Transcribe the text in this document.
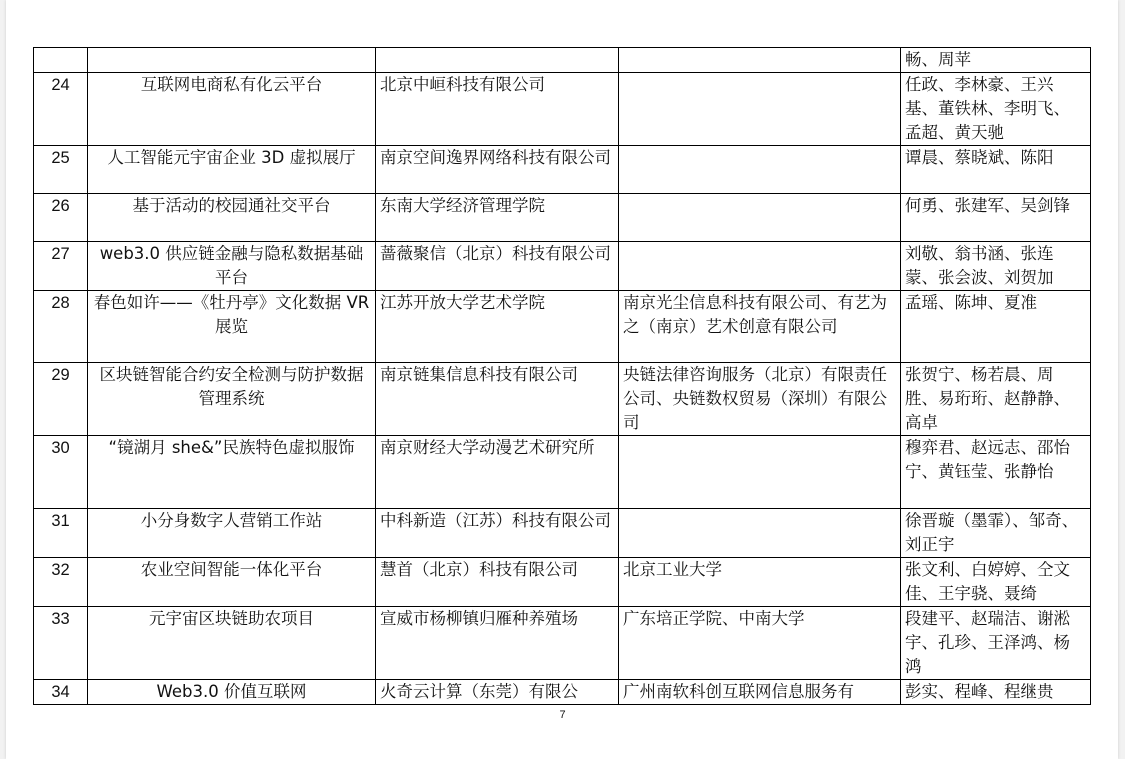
				畅、周苹
24	互联网电商私有化云平台	北京中峘科技有限公司		任政、李林豪、王兴基、董铁林、李明飞、孟超、黄天驰
25	人工智能元宇宙企业 3D 虚拟展厅	南京空间逸界网络科技有限公司		谭晨、蔡晓斌、陈阳
26	基于活动的校园通社交平台	东南大学经济管理学院		何勇、张建军、吴剑锋
27	web3.0 供应链金融与隐私数据基础平台	蔷薇聚信（北京）科技有限公司		刘敬、翁书涵、张连蒙、张会波、刘贺加
28	春色如许——《牡丹亭》文化数据 VR 展览	江苏开放大学艺术学院	南京光尘信息科技有限公司、有艺为之（南京）艺术创意有限公司	孟瑶、陈坤、夏准
29	区块链智能合约安全检测与防护数据管理系统	南京链集信息科技有限公司	央链法律咨询服务（北京）有限责任公司、央链数权贸易（深圳）有限公司	张贺宁、杨若晨、周胜、易珩珩、赵静静、高卓
30	“镜湖月 she&”民族特色虚拟服饰	南京财经大学动漫艺术研究所		穆弈君、赵远志、邵怡宁、黄钰莹、张静怡
31	小分身数字人营销工作站	中科新造（江苏）科技有限公司		徐晋璇（墨霏）、邹奇、刘正宇
32	农业空间智能一体化平台	慧首（北京）科技有限公司	北京工业大学	张文利、白婷婷、仝文佳、王宇骁、聂绮
33	元宇宙区块链助农项目	宣威市杨柳镇归雁种养殖场	广东培正学院、中南大学	段建平、赵瑞洁、谢淞宇、孔珍、王泽鸿、杨鸿
34	Web3.0 价值互联网	火奇云计算（东莞）有限公	广州南软科创互联网信息服务有	彭实、程峰、程继贵
7
